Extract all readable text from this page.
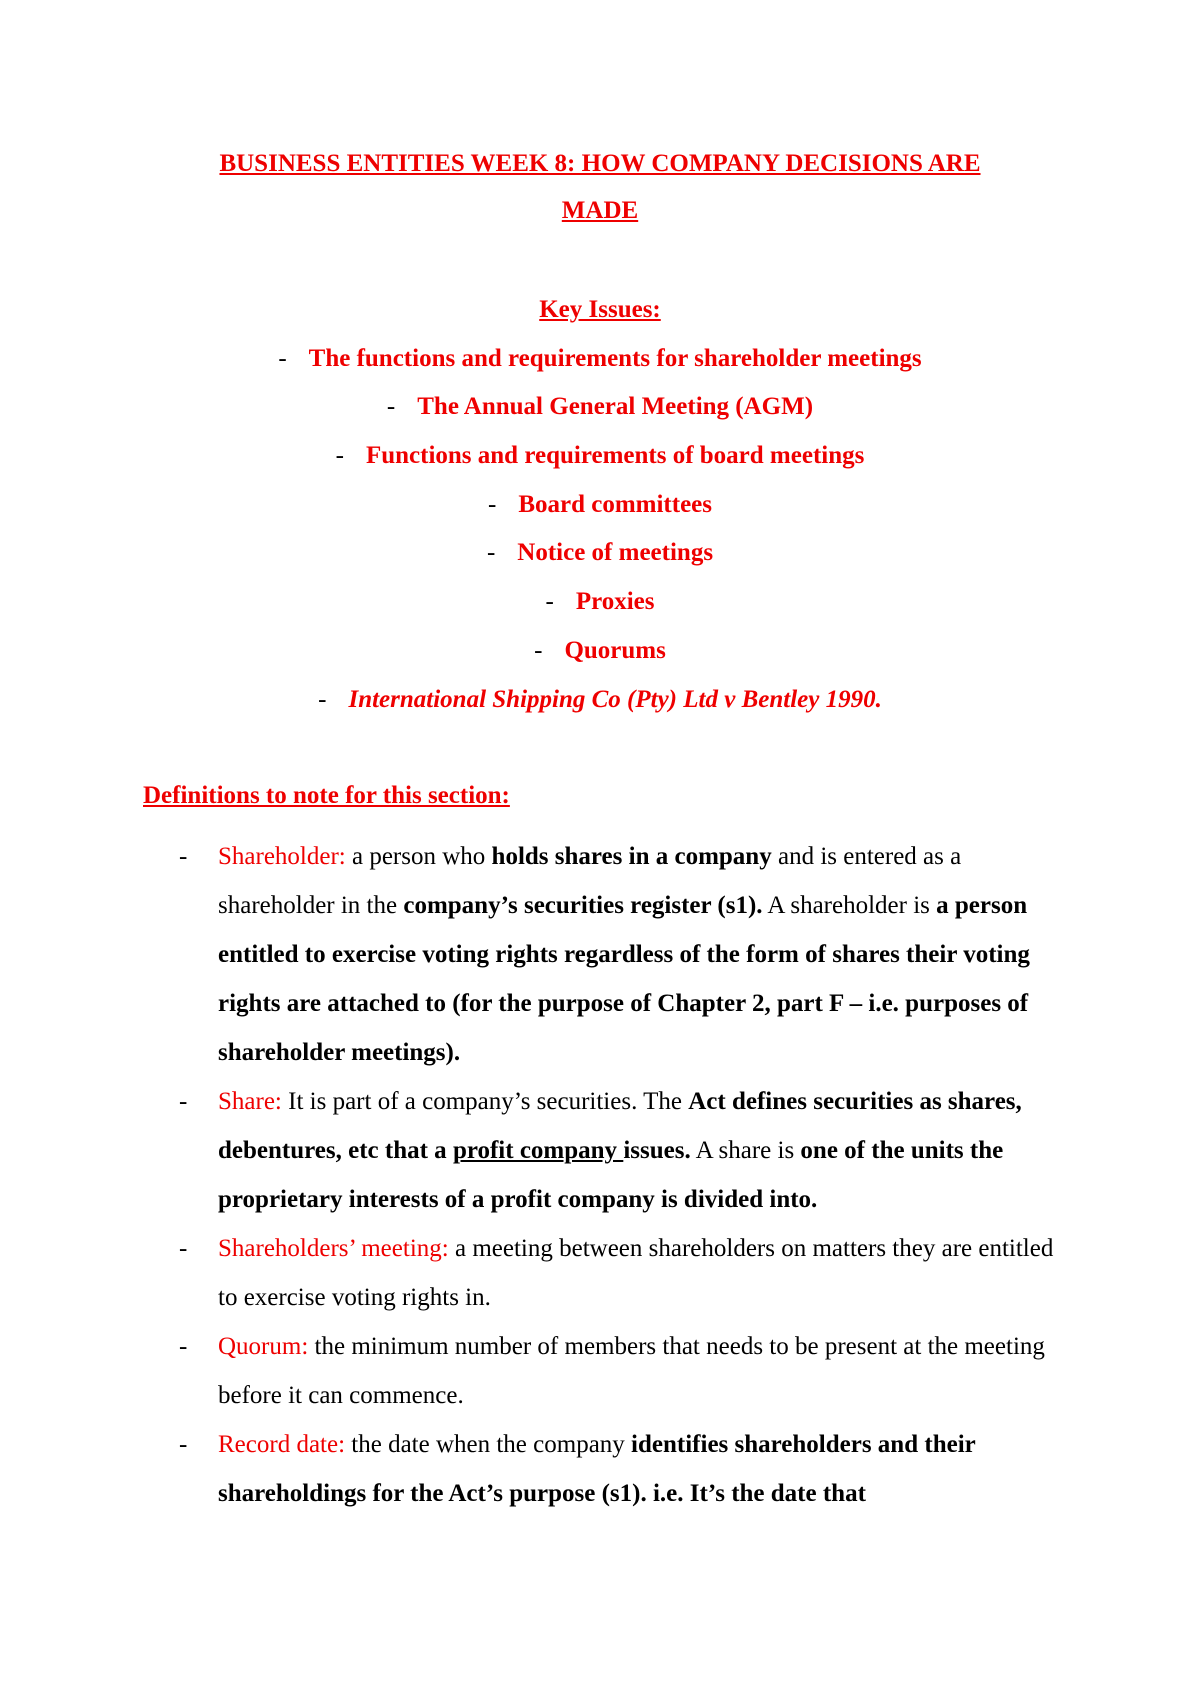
BUSINESS ENTITIES WEEK 8: HOW COMPANY DECISIONS ARE
MADE
Key Issues:
- The functions and requirements for shareholder meetings
- The Annual General Meeting (AGM)
- Functions and requirements of board meetings
- Board committees
- Notice of meetings
- Proxies
- Quorums
- International Shipping Co (Pty) Ltd v Bentley 1990.
Definitions to note for this section:
- Shareholder: a person who holds shares in a company and is entered as a shareholder in the company’s securities register (s1). A shareholder is a person entitled to exercise voting rights regardless of the form of shares their voting rights are attached to (for the purpose of Chapter 2, part F – i.e. purposes of shareholder meetings).
- Share: It is part of a company’s securities. The Act defines securities as shares, debentures, etc that a profit company issues. A share is one of the units the proprietary interests of a profit company is divided into.
- Shareholders’ meeting: a meeting between shareholders on matters they are entitled to exercise voting rights in.
- Quorum: the minimum number of members that needs to be present at the meeting before it can commence.
- Record date: the date when the company identifies shareholders and their shareholdings for the Act’s purpose (s1). i.e. It’s the date that
